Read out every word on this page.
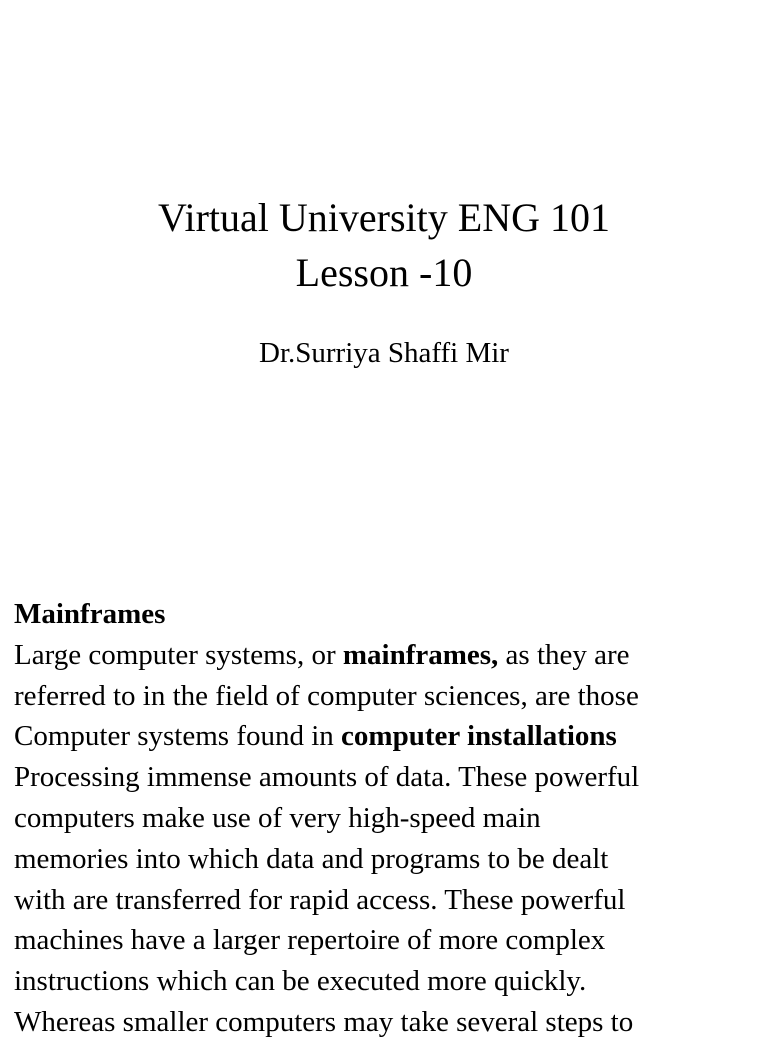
Virtual University ENG 101
Lesson -10
Dr.Surriya Shaffi Mir
Mainframes
Large computer systems, or mainframes, as they are
referred to in the field of computer sciences, are those
Computer systems found in computer installations
Processing immense amounts of data. These powerful
computers make use of very high-speed main
memories into which data and programs to be dealt
with are transferred for rapid access. These powerful
machines have a larger repertoire of more complex
instructions which can be executed more quickly.
Whereas smaller computers may take several steps to
